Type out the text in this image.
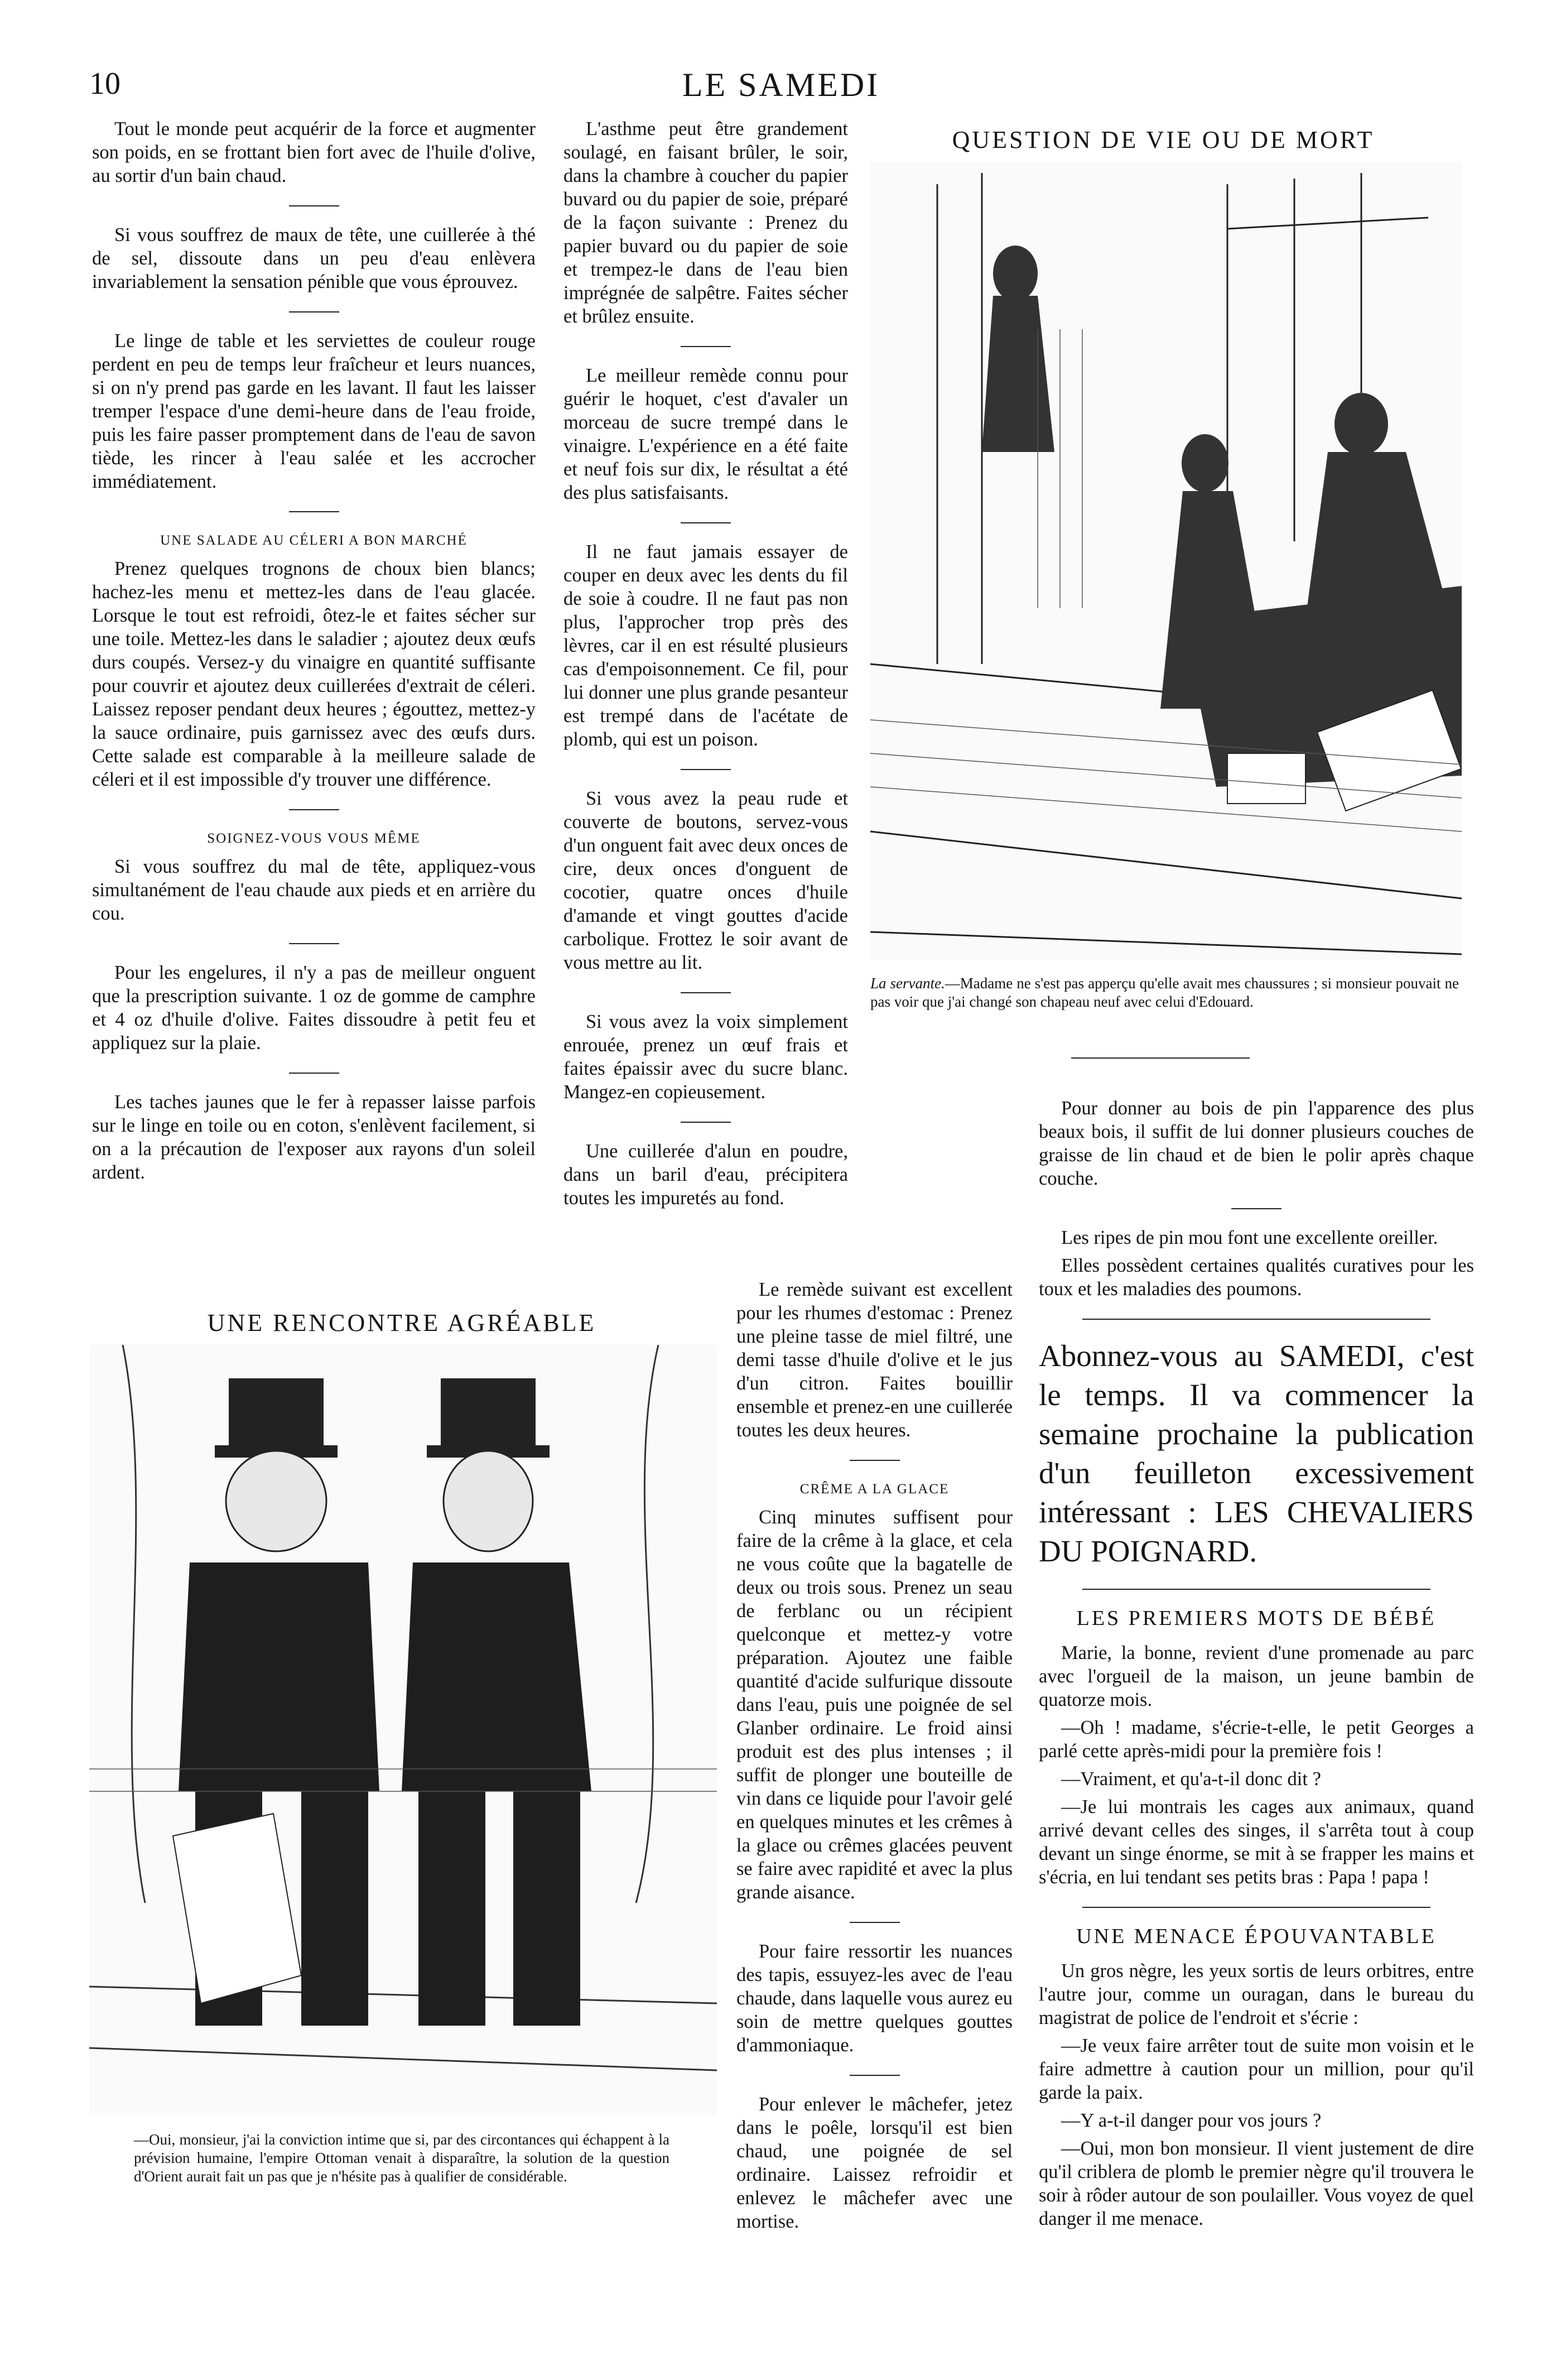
10	LE SAMEDI

Tout le monde peut acquérir de la force et augmenter son poids, en se frottant bien fort avec de l'huile d'olive, au sortir d'un bain chaud.

Si vous souffrez de maux de tête, une cuillerée à thé de sel, dissoute dans un peu d'eau enlèvera invariablement la sensation pénible que vous éprouvez.

Le linge de table et les serviettes de couleur rouge perdent en peu de temps leur fraîcheur et leurs nuances, si on n'y prend pas garde en les lavant. Il faut les laisser tremper l'espace d'une demi-heure dans de l'eau froide, puis les faire passer promptement dans de l'eau de savon tiède, les rincer à l'eau salée et les accrocher immédiatement.

UNE SALADE AU CÉLERI A BON MARCHÉ

Prenez quelques trognons de choux bien blancs; hachez-les menu et mettez-les dans de l'eau glacée. Lorsque le tout est refroidi, ôtez-le et faites sécher sur une toile. Mettez-les dans le saladier ; ajoutez deux œufs durs coupés. Versez-y du vinaigre en quantité suffisante pour couvrir et ajoutez deux cuillerées d'extrait de céleri. Laissez reposer pendant deux heures ; égouttez, mettez-y la sauce ordinaire, puis garnissez avec des œufs durs. Cette salade est comparable à la meilleure salade de céleri et il est impossible d'y trouver une différence.

SOIGNEZ-VOUS VOUS MÊME

Si vous souffrez du mal de tête, appliquez-vous simultanément de l'eau chaude aux pieds et en arrière du cou.

Pour les engelures, il n'y a pas de meilleur onguent que la prescription suivante. 1 oz de gomme de camphre et 4 oz d'huile d'olive. Faites dissoudre à petit feu et appliquez sur la plaie.

Les taches jaunes que le fer à repasser laisse parfois sur le linge en toile ou en coton, s'enlèvent facilement, si on a la précaution de l'exposer aux rayons d'un soleil ardent.

L'asthme peut être grandement soulagé, en faisant brûler, le soir, dans la chambre à coucher du papier buvard ou du papier de soie, préparé de la façon suivante : Prenez du papier buvard ou du papier de soie et trempez-le dans de l'eau bien imprégnée de salpêtre. Faites sécher et brûlez ensuite.

Le meilleur remède connu pour guérir le hoquet, c'est d'avaler un morceau de sucre trempé dans le vinaigre. L'expérience en a été faite et neuf fois sur dix, le résultat a été des plus satisfaisants.

Il ne faut jamais essayer de couper en deux avec les dents du fil de soie à coudre. Il ne faut pas non plus, l'approcher trop près des lèvres, car il en est résulté plusieurs cas d'empoisonnement. Ce fil, pour lui donner une plus grande pesanteur est trempé dans de l'acétate de plomb, qui est un poison.

Si vous avez la peau rude et couverte de boutons, servez-vous d'un onguent fait avec deux onces de cire, deux onces d'onguent de cocotier, quatre onces d'huile d'amande et vingt gouttes d'acide carbolique. Frottez le soir avant de vous mettre au lit.

Si vous avez la voix simplement enrouée, prenez un œuf frais et faites épaissir avec du sucre blanc. Mangez-en copieusement.

Une cuillerée d'alun en poudre, dans un baril d'eau, précipitera toutes les impuretés au fond.

Le remède suivant est excellent pour les rhumes d'estomac : Prenez une pleine tasse de miel filtré, une demi tasse d'huile d'olive et le jus d'un citron. Faites bouillir ensemble et prenez-en une cuillerée toutes les deux heures.

CRÊME A LA GLACE

Cinq minutes suffisent pour faire de la crême à la glace, et cela ne vous coûte que la bagatelle de deux ou trois sous. Prenez un seau de ferblanc ou un récipient quelconque et mettez-y votre préparation. Ajoutez une faible quantité d'acide sulfurique dissoute dans l'eau, puis une poignée de sel Glanber ordinaire. Le froid ainsi produit est des plus intenses ; il suffit de plonger une bouteille de vin dans ce liquide pour l'avoir gelé en quelques minutes et les crêmes à la glace ou crêmes glacées peuvent se faire avec rapidité et avec la plus grande aisance.

Pour faire ressortir les nuances des tapis, essuyez-les avec de l'eau chaude, dans laquelle vous aurez eu soin de mettre quelques gouttes d'ammoniaque.

Pour enlever le mâchefer, jetez dans le poêle, lorsqu'il est bien chaud, une poignée de sel ordinaire. Laissez refroidir et enlevez le mâchefer avec une mortise.

QUESTION DE VIE OU DE MORT
La servante.—Madame ne s'est pas apperçu qu'elle avait mes chaussures ; si monsieur pouvait ne pas voir que j'ai changé son chapeau neuf avec celui d'Edouard.
UNE RENCONTRE AGRÉABLE
—Oui, monsieur, j'ai la conviction intime que si, par des circontances qui échappent à la prévision humaine, l'empire Ottoman venait à disparaître, la solution de la question d'Orient aurait fait un pas que je n'hésite pas à qualifier de considérable.

Pour donner au bois de pin l'apparence des plus beaux bois, il suffit de lui donner plusieurs couches de graisse de lin chaud et de bien le polir après chaque couche.

Les ripes de pin mou font une excellente oreiller.

Elles possèdent certaines qualités curatives pour les toux et les maladies des poumons.

Abonnez-vous au SAMEDI, c'est le temps. Il va commencer la semaine prochaine la publication d'un feuilleton excessivement intéressant : LES CHEVALIERS DU POIGNARD.

LES PREMIERS MOTS DE BÉBÉ

Marie, la bonne, revient d'une promenade au parc avec l'orgueil de la maison, un jeune bambin de quatorze mois.

—Oh ! madame, s'écrie-t-elle, le petit Georges a parlé cette après-midi pour la première fois !

—Vraiment, et qu'a-t-il donc dit ?

—Je lui montrais les cages aux animaux, quand arrivé devant celles des singes, il s'arrêta tout à coup devant un singe énorme, se mit à se frapper les mains et s'écria, en lui tendant ses petits bras : Papa ! papa !

UNE MENACE ÉPOUVANTABLE

Un gros nègre, les yeux sortis de leurs orbitres, entre l'autre jour, comme un ouragan, dans le bureau du magistrat de police de l'endroit et s'écrie :

—Je veux faire arrêter tout de suite mon voisin et le faire admettre à caution pour un million, pour qu'il garde la paix.

—Y a-t-il danger pour vos jours ?

—Oui, mon bon monsieur. Il vient justement de dire qu'il criblera de plomb le premier nègre qu'il trouvera le soir à rôder autour de son poulailler. Vous voyez de quel danger il me menace.
